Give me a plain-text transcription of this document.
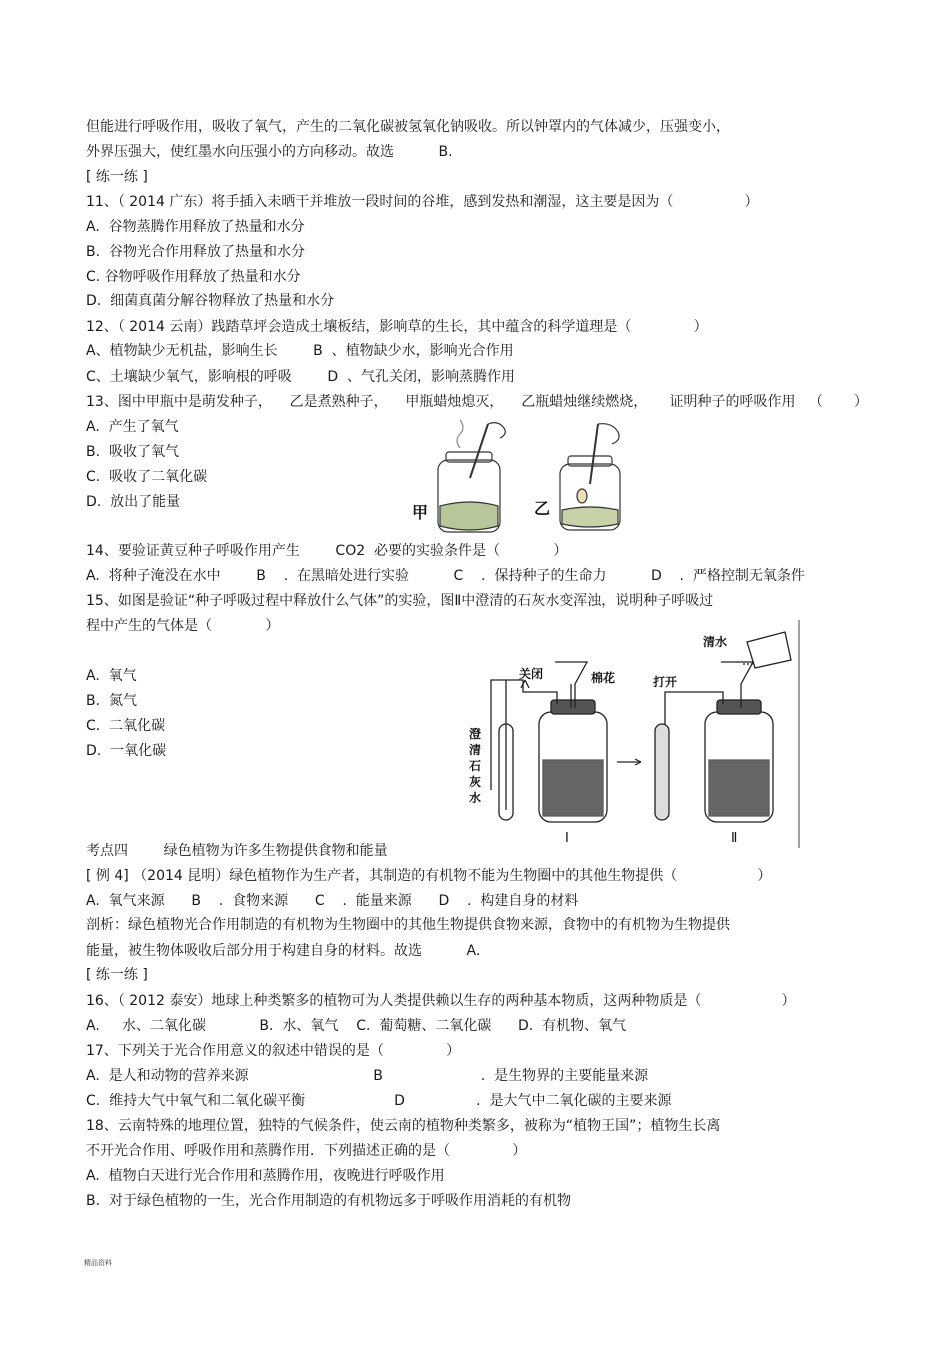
但能进行呼吸作用，吸收了氧气，产生的二氧化碳被氢氧化钠吸收。所以钟罩内的气体减少，压强变小，
外界压强大，使红墨水向压强小的方向移动。故选          B.
[ 练一练 ]
11、（ 2014 广东）将手插入未晒干并堆放一段时间的谷堆，感到发热和潮湿，这主要是因为（                ）
A.  谷物蒸腾作用释放了热量和水分
B.  谷物光合作用释放了热量和水分
C. 谷物呼吸作用释放了热量和水分
D.  细菌真菌分解谷物释放了热量和水分
12、（ 2014 云南）践踏草坪会造成土壤板结，影响草的生长，其中蕴含的科学道理是（              ）
A、植物缺少无机盐，影响生长        B  、植物缺少水，影响光合作用
C、土壤缺少氧气，影响根的呼吸        D  、气孔关闭，影响蒸腾作用
13、图中甲瓶中是萌发种子，    乙是煮熟种子，    甲瓶蜡烛熄灭，    乙瓶蜡烛继续燃烧，     证明种子的呼吸作用   （       ）
A.  产生了氧气
B.  吸收了氧气
C.  吸收了二氧化碳
D.  放出了能量
14、要验证黄豆种子呼吸作用产生        CO2  必要的实验条件是（            ）
A.  将种子淹没在水中        B    .  在黑暗处进行实验          C    .  保持种子的生命力          D    .  严格控制无氧条件
15、如图是验证“种子呼吸过程中释放什么气体”的实验，图Ⅱ中澄清的石灰水变浑浊，说明种子呼吸过
程中产生的气体是（            ）
A.  氧气
B.  氮气
C.  二氧化碳
D.  一氧化碳
考点四        绿色植物为许多生物提供食物和能量
[ 例 4] （2014 昆明）绿色植物作为生产者，其制造的有机物不能为生物圈中的其他生物提供（                  ）
A.  氧气来源      B    .  食物来源      C    .  能量来源      D    .  构建自身的材料
剖析：绿色植物光合作用制造的有机物为生物圈中的其他生物提供食物来源，食物中的有机物为生物提供
能量，被生物体吸收后部分用于构建自身的材料。故选          A.
[ 练一练 ]
16、（ 2012 泰安）地球上种类繁多的植物可为人类提供赖以生存的两种基本物质，这两种物质是（                  ）
A.     水、二氧化碳            B.  水、氧气    C.  葡萄糖、二氧化碳      D.  有机物、氧气
17、下列关于光合作用意义的叙述中错误的是（              ）
A.  是人和动物的营养来源                            B                      .  是生物界的主要能量来源
C.  维持大气中氧气和二氧化碳平衡                    D                .  是大气中二氧化碳的主要来源
18、云南特殊的地理位置，独特的气候条件，使云南的植物种类繁多，被称为“植物王国”；植物生长离
不开光合作用、呼吸作用和蒸腾作用．下列描述正确的是（              ）
A.  植物白天进行光合作用和蒸腾作用，夜晚进行呼吸作用
B.  对于绿色植物的一生，光合作用制造的有机物远多于呼吸作用消耗的有机物
甲	乙
关闭	棉花
澄
清
石
灰
水
Ⅰ
清水
打开
Ⅱ
精品资料
